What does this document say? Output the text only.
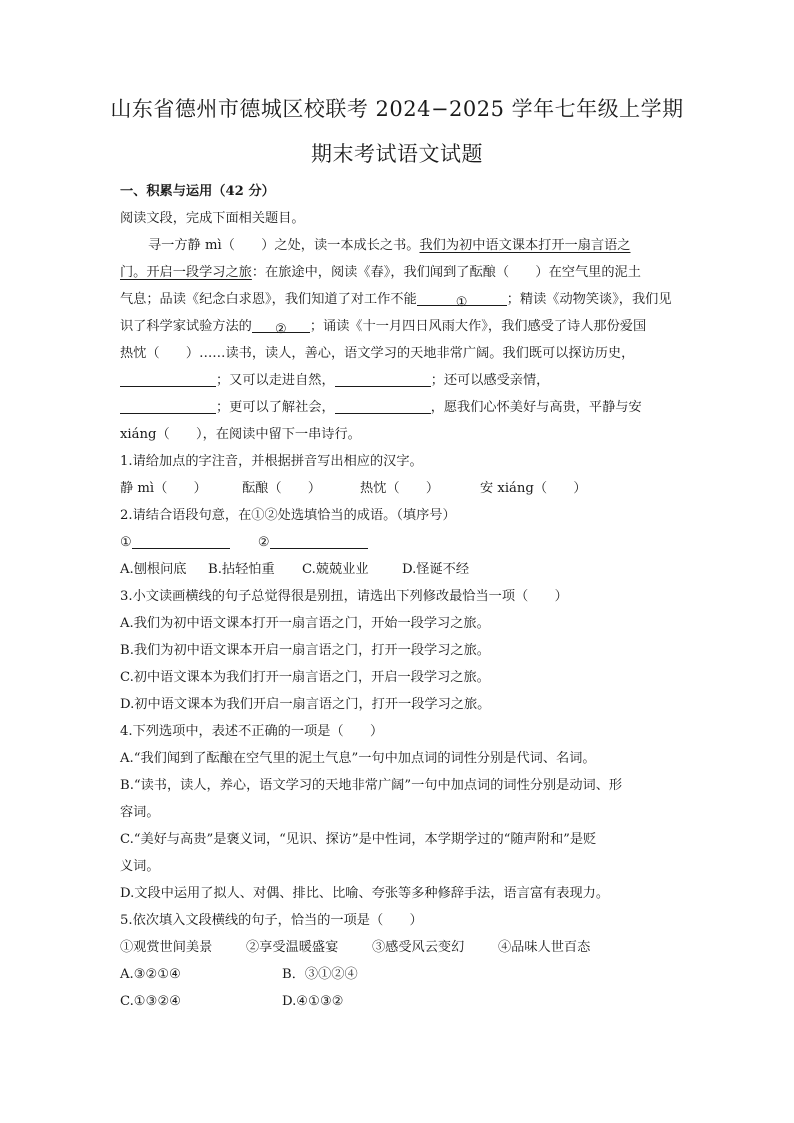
山东省德州市德城区校联考 2024−2025 学年七年级上学期
期末考试语文试题
一、积累与运用（42 分）
阅读文段，完成下面相关题目。
寻一方静 mì（　　）之处，读一本成长之书。我们为初中语文课本打开一扇言语之
门。开启一段学习之旅：在旅途中，阅读《春》，我们闻到了酝酿（　　）在空气里的泥土
气息；品读《纪念白求恩》，我们知道了对工作不能	①	；精读《动物笑谈》，我们见
识了科学家试验方法的 ② ；诵读《十一月四日风雨大作》，我们感受了诗人那份爱国
热忱（　　）……读书，读人，善心，语文学习的天地非常广阔。我们既可以探访历史，
；又可以走进自然，	；还可以感受亲情，
；更可以了解社会，	，愿我们心怀美好与高贵，平静与安
xiáng（　　），在阅读中留下一串诗行。
1.请给加点的字注音，并根据拼音写出相应的汉字。
静 mì（　　）	酝酿（　　）	热忱（　　）	安 xiáng（　　）
2.请结合语段句意，在①②处选填恰当的成语。（填序号）
①	②
A.刨根问底 B.拈轻怕重 C.兢兢业业	D.怪诞不经
3.小文读画横线的句子总觉得很是别扭，请选出下列修改最恰当一项（　　）
A.我们为初中语文课本打开一扇言语之门，开始一段学习之旅。
B.我们为初中语文课本开启一扇言语之门，打开一段学习之旅。
C.初中语文课本为我们打开一扇言语之门，开启一段学习之旅。
D.初中语文课本为我们开启一扇言语之门，打开一段学习之旅。
4.下列选项中，表述不正确的一项是（　　）
A.“我们闻到了酝酿在空气里的泥土气息”一句中加点词的词性分别是代词、名词。
B.“读书，读人，养心，语文学习的天地非常广阔”一句中加点词的词性分别是动词、形
容词。
C.“美好与高贵”是褒义词，“见识、探访”是中性词，本学期学过的“随声附和”是贬
义词。
D.文段中运用了拟人、对偶、排比、比喻、夸张等多种修辞手法，语言富有表现力。
5.依次填入文段横线的句子，恰当的一项是（　　）
①观赏世间美景	②享受温暖盛宴	③感受风云变幻	④品味人世百态
A.③②①④	B．③①②④
C.①③②④	D.④①③②
